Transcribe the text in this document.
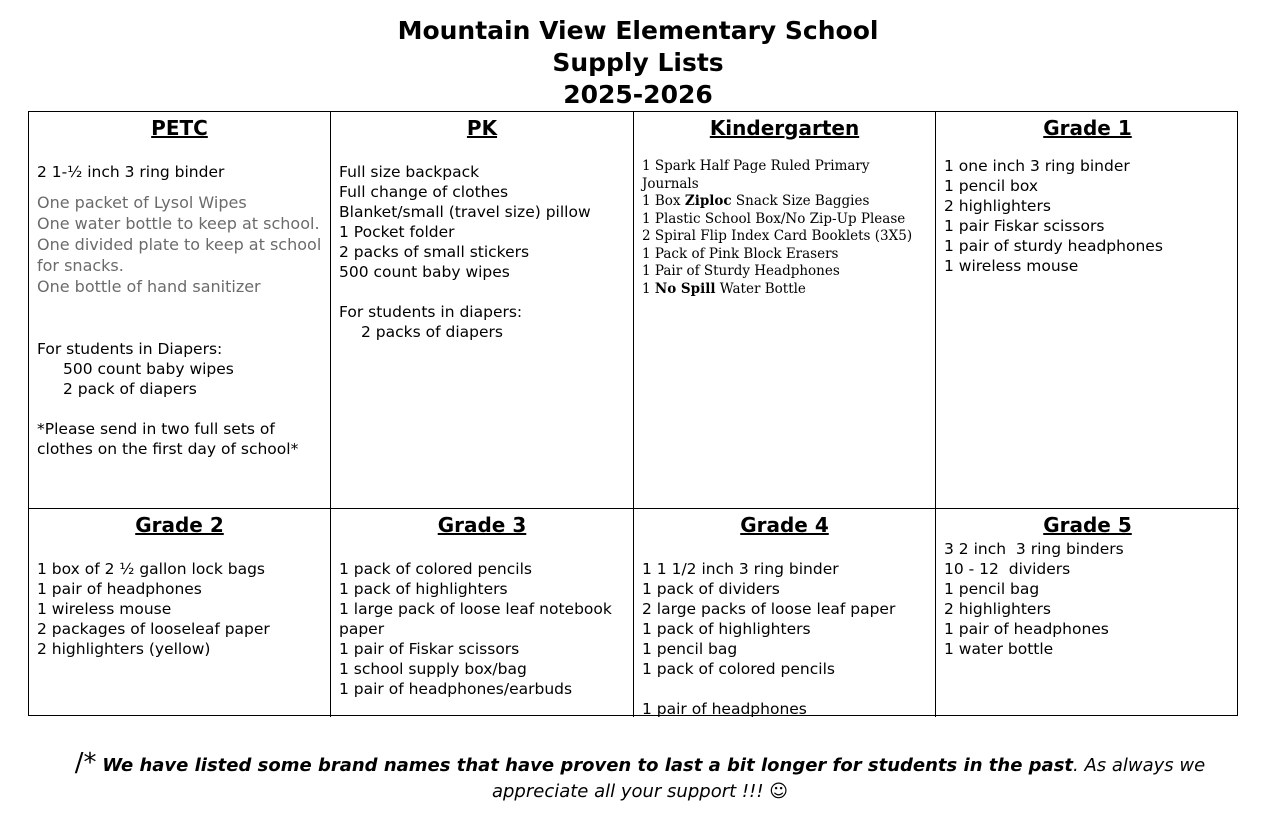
Mountain View Elementary School
Supply Lists
2025-2026
PETC
2 1-½ inch 3 ring binder
One packet of Lysol Wipes
One water bottle to keep at school.
One divided plate to keep at school for snacks.
One bottle of hand sanitizer
For students in Diapers:
500 count baby wipes
2 pack of diapers
*Please send in two full sets of clothes on the first day of school*
PK
Full size backpack
Full change of clothes
Blanket/small (travel size) pillow
1 Pocket folder
2 packs of small stickers
500 count baby wipes
For students in diapers:
2 packs of diapers
Kindergarten
1 Spark Half Page Ruled Primary Journals
1 Box Ziploc Snack Size Baggies
1 Plastic School Box/No Zip-Up Please
2 Spiral Flip Index Card Booklets (3X5)
1 Pack of Pink Block Erasers
1 Pair of Sturdy Headphones
1 No Spill Water Bottle
Grade 1
1 one inch 3 ring binder
1 pencil box
2 highlighters
1 pair Fiskar scissors
1 pair of sturdy headphones
1 wireless mouse
Grade 2
1 box of 2 ½ gallon lock bags
1 pair of headphones
1 wireless mouse
2 packages of looseleaf paper
2 highlighters (yellow)
Grade 3
1 pack of colored pencils
1 pack of highlighters
1 large pack of loose leaf notebook paper
1 pair of Fiskar scissors
1 school supply box/bag
1 pair of headphones/earbuds
Grade 4
1 1 1/2 inch 3 ring binder
1 pack of dividers
2 large packs of loose leaf paper
1 pack of highlighters
1 pencil bag
1 pack of colored pencils
1 pair of headphones
Grade 5
3 2 inch  3 ring binders
10 - 12  dividers
1 pencil bag
2 highlighters
1 pair of headphones
1 water bottle
/* We have listed some brand names that have proven to last a bit longer for students in the past. As always we appreciate all your support !!! ☺
